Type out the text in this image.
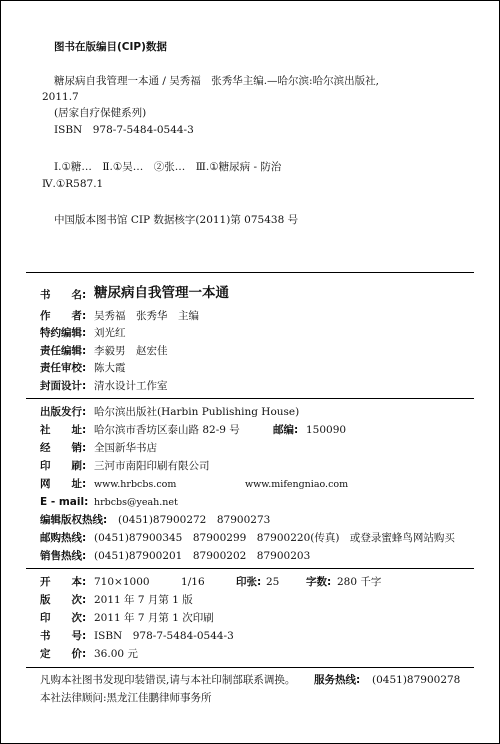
图书在版编目(CIP)数据
糖尿病自我管理一本通 / 吴秀福　张秀华主编.—哈尔滨:哈尔滨出版社,
2011.7
(居家自疗保健系列)
ISBN　978-7-5484-0544-3
Ⅰ.①糖…　Ⅱ.①吴…　②张…　Ⅲ.①糖尿病 - 防治
Ⅳ.①R587.1
中国版本图书馆 CIP 数据核字(2011)第 075438 号
书　　名: 糖尿病自我管理一本通
作　　者: 吴秀福　张秀华　主编
特约编辑: 刘光红
责任编辑: 李毅男　赵宏佳
责任审校: 陈大霞
封面设计: 清水设计工作室
出版发行: 哈尔滨出版社(Harbin Publishing House)
社　　址: 哈尔滨市香坊区泰山路 82-9 号	邮编: 150090
经　　销: 全国新华书店
印　　刷: 三河市南阳印刷有限公司
网　　址: www.hrbcbs.com	www.mifengniao.com
E - mail: hrbcbs@yeah.net
编辑版权热线: (0451)87900272　87900273
邮购热线: (0451)87900345　87900299　87900220(传真)　或登录蜜蜂鸟网站购买
销售热线: (0451)87900201　87900202　87900203
开　　本: 710×1000　　　1/16	印张: 25	字数: 280 千字
版　　次: 2011 年 7 月第 1 版
印　　次: 2011 年 7 月第 1 次印刷
书　　号: ISBN　978-7-5484-0544-3
定　　价: 36.00 元
凡购本社图书发现印装错误,请与本社印制部联系调换。 服务热线: (0451)87900278
本社法律顾问:黑龙江佳鹏律师事务所
